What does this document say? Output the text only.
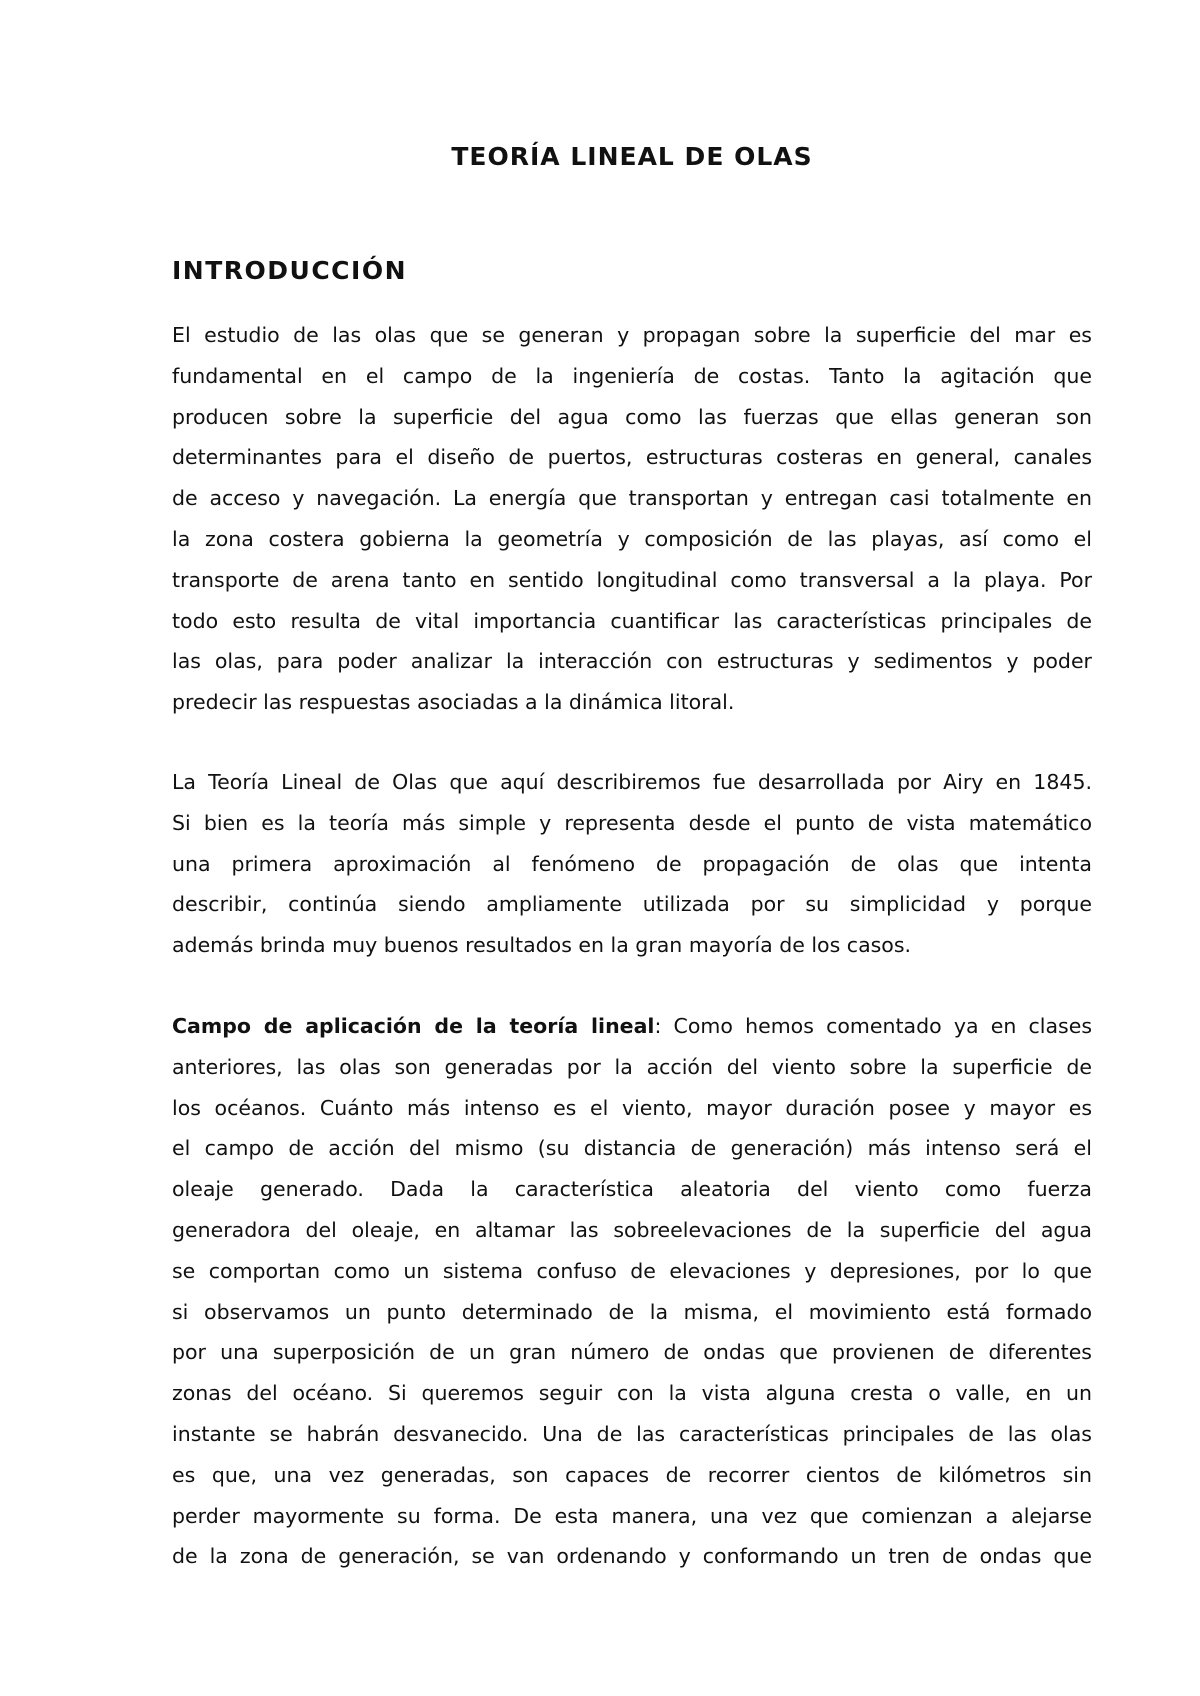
TEORÍA LINEAL DE OLAS
INTRODUCCIÓN
El estudio de las olas que se generan y propagan sobre la superficie del mar es
fundamental en el campo de la ingeniería de costas. Tanto la agitación que
producen sobre la superficie del agua como las fuerzas que ellas generan son
determinantes para el diseño de puertos, estructuras costeras en general, canales
de acceso y navegación. La energía que transportan y entregan casi totalmente en
la zona costera gobierna la geometría y composición de las playas, así como el
transporte de arena tanto en sentido longitudinal como transversal a la playa. Por
todo esto resulta de vital importancia cuantificar las características principales de
las olas, para poder analizar la interacción con estructuras y sedimentos y poder
predecir las respuestas asociadas a la dinámica litoral.
La Teoría Lineal de Olas que aquí describiremos fue desarrollada por Airy en 1845.
Si bien es la teoría más simple y representa desde el punto de vista matemático
una primera aproximación al fenómeno de propagación de olas que intenta
describir, continúa siendo ampliamente utilizada por su simplicidad y porque
además brinda muy buenos resultados en la gran mayoría de los casos.
Campo de aplicación de la teoría lineal: Como hemos comentado ya en clases
anteriores, las olas son generadas por la acción del viento sobre la superficie de
los océanos. Cuánto más intenso es el viento, mayor duración posee y mayor es
el campo de acción del mismo (su distancia de generación) más intenso será el
oleaje generado. Dada la característica aleatoria del viento como fuerza
generadora del oleaje, en altamar las sobreelevaciones de la superficie del agua
se comportan como un sistema confuso de elevaciones y depresiones, por lo que
si observamos un punto determinado de la misma, el movimiento está formado
por una superposición de un gran número de ondas que provienen de diferentes
zonas del océano. Si queremos seguir con la vista alguna cresta o valle, en un
instante se habrán desvanecido. Una de las características principales de las olas
es que, una vez generadas, son capaces de recorrer cientos de kilómetros sin
perder mayormente su forma. De esta manera, una vez que comienzan a alejarse
de la zona de generación, se van ordenando y conformando un tren de ondas que
